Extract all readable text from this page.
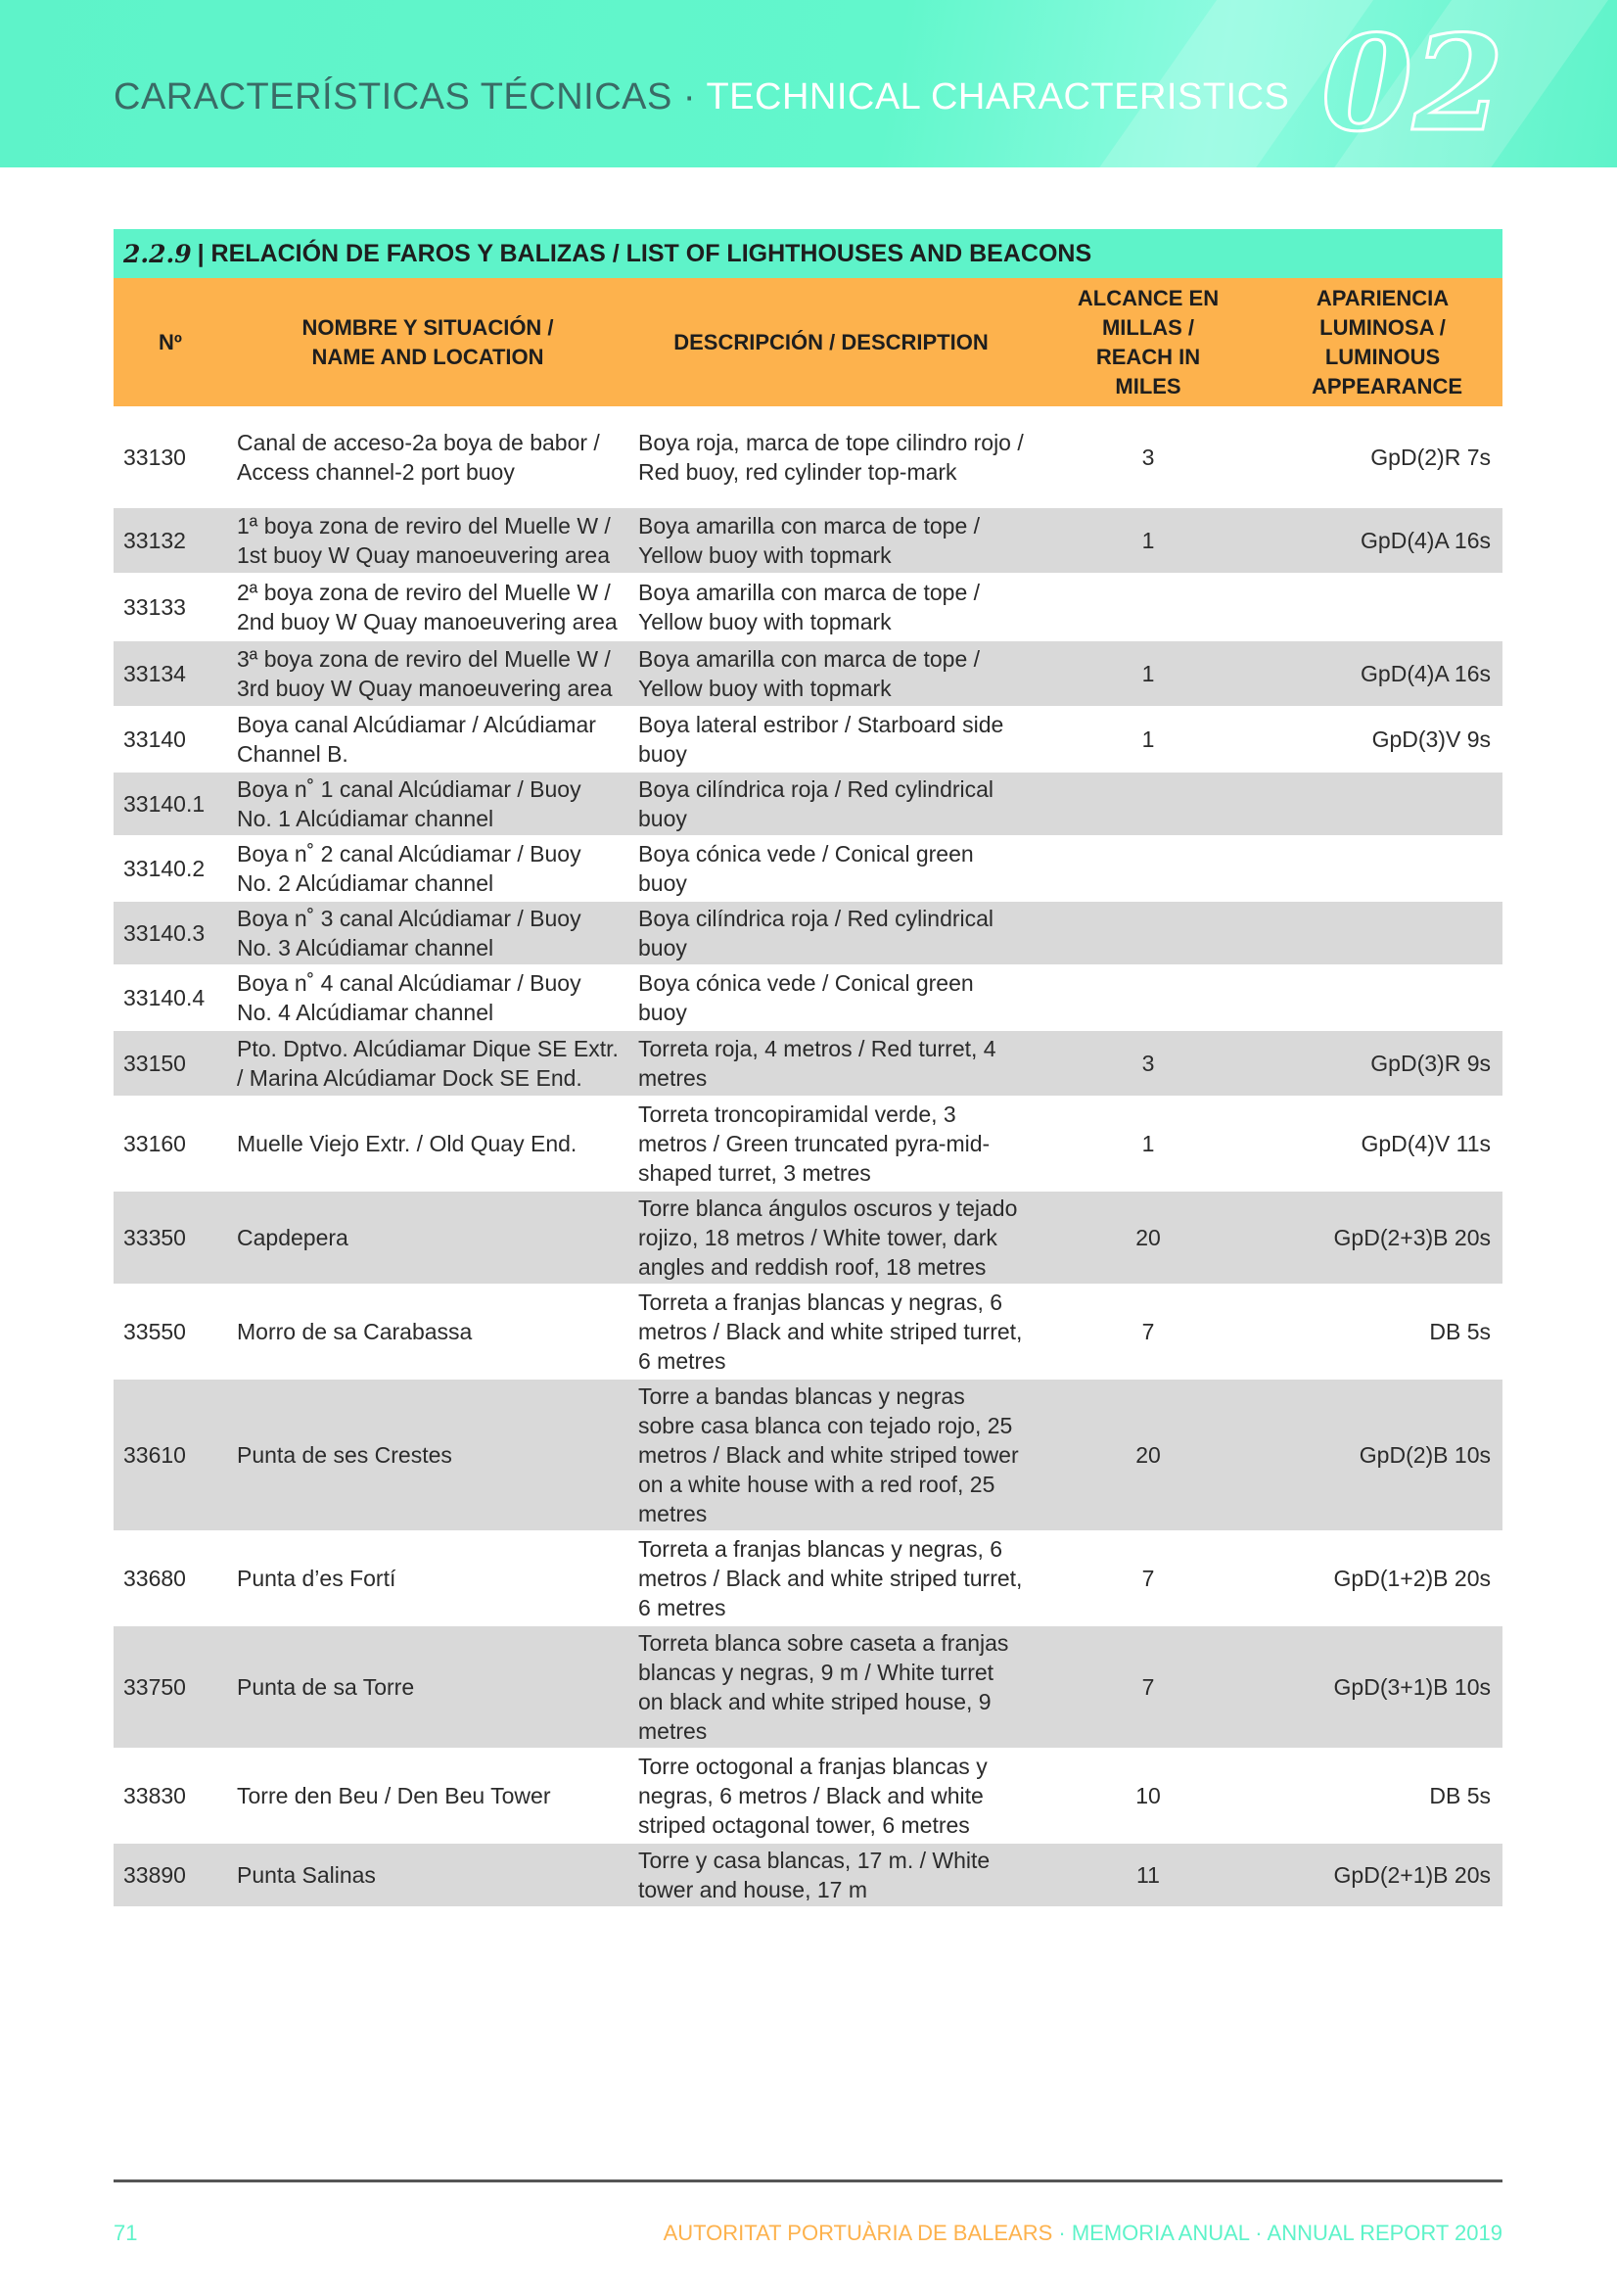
CARACTERÍSTICAS TÉCNICAS · TECHNICAL CHARACTERISTICS 02
2.2.9 | RELACIÓN DE FAROS Y BALIZAS / LIST OF LIGHTHOUSES AND BEACONS
Nº	NOMBRE Y SITUACIÓN / NAME AND LOCATION	DESCRIPCIÓN / DESCRIPTION	ALCANCE EN MILLAS / REACH IN MILES	APARIENCIA LUMINOSA / LUMINOUS APPEARANCE
33130	Canal de acceso-2a boya de babor / Access channel-2 port buoy	Boya roja, marca de tope cilindro rojo / Red buoy, red cylinder top-mark	3	GpD(2)R 7s
33132	1ª boya zona de reviro del Muelle W / 1st buoy W Quay manoeuvering area	Boya amarilla con marca de tope / Yellow buoy with topmark	1	GpD(4)A 16s
33133	2ª boya zona de reviro del Muelle W / 2nd buoy W Quay manoeuvering area	Boya amarilla con marca de tope / Yellow buoy with topmark		
33134	3ª boya zona de reviro del Muelle W / 3rd buoy W Quay manoeuvering area	Boya amarilla con marca de tope / Yellow buoy with topmark	1	GpD(4)A 16s
33140	Boya canal Alcúdiamar / Alcúdiamar Channel B.	Boya lateral estribor / Starboard side buoy	1	GpD(3)V 9s
33140.1	Boya n˚ 1 canal Alcúdiamar / Buoy No. 1 Alcúdiamar channel	Boya cilíndrica roja / Red cylindrical buoy		
33140.2	Boya n˚ 2 canal Alcúdiamar / Buoy No. 2 Alcúdiamar channel	Boya cónica vede / Conical green buoy		
33140.3	Boya n˚ 3 canal Alcúdiamar / Buoy No. 3 Alcúdiamar channel	Boya cilíndrica roja / Red cylindrical buoy		
33140.4	Boya n˚ 4 canal Alcúdiamar / Buoy No. 4 Alcúdiamar channel	Boya cónica vede / Conical green buoy		
33150	Pto. Dptvo. Alcúdiamar Dique SE Extr. / Marina Alcúdiamar Dock SE End.	Torreta roja, 4 metros / Red turret, 4 metres	3	GpD(3)R 9s
33160	Muelle Viejo Extr. / Old Quay End.	Torreta troncopiramidal verde, 3 metros / Green truncated pyra-mid-shaped turret, 3 metres	1	GpD(4)V 11s
33350	Capdepera	Torre blanca ángulos oscuros y tejado rojizo, 18 metros / White tower, dark angles and reddish roof, 18 metres	20	GpD(2+3)B 20s
33550	Morro de sa Carabassa	Torreta a franjas blancas y negras, 6 metros / Black and white striped turret, 6 metres	7	DB 5s
33610	Punta de ses Crestes	Torre a bandas blancas y negras sobre casa blanca con tejado rojo, 25 metros / Black and white striped tower on a white house with a red roof, 25 metres	20	GpD(2)B 10s
33680	Punta d’es Fortí	Torreta a franjas blancas y negras, 6 metros / Black and white striped turret, 6 metres	7	GpD(1+2)B 20s
33750	Punta de sa Torre	Torreta blanca sobre caseta a franjas blancas y negras, 9 m / White turret on black and white striped house, 9 metres	7	GpD(3+1)B 10s
33830	Torre den Beu / Den Beu Tower	Torre octogonal a franjas blancas y negras, 6 metros / Black and white striped octagonal tower, 6 metres	10	DB 5s
33890	Punta Salinas	Torre y casa blancas, 17 m. / White tower and house, 17 m	11	GpD(2+1)B 20s
71	AUTORITAT PORTUÀRIA DE BALEARS · MEMORIA ANUAL · ANNUAL REPORT 2019
